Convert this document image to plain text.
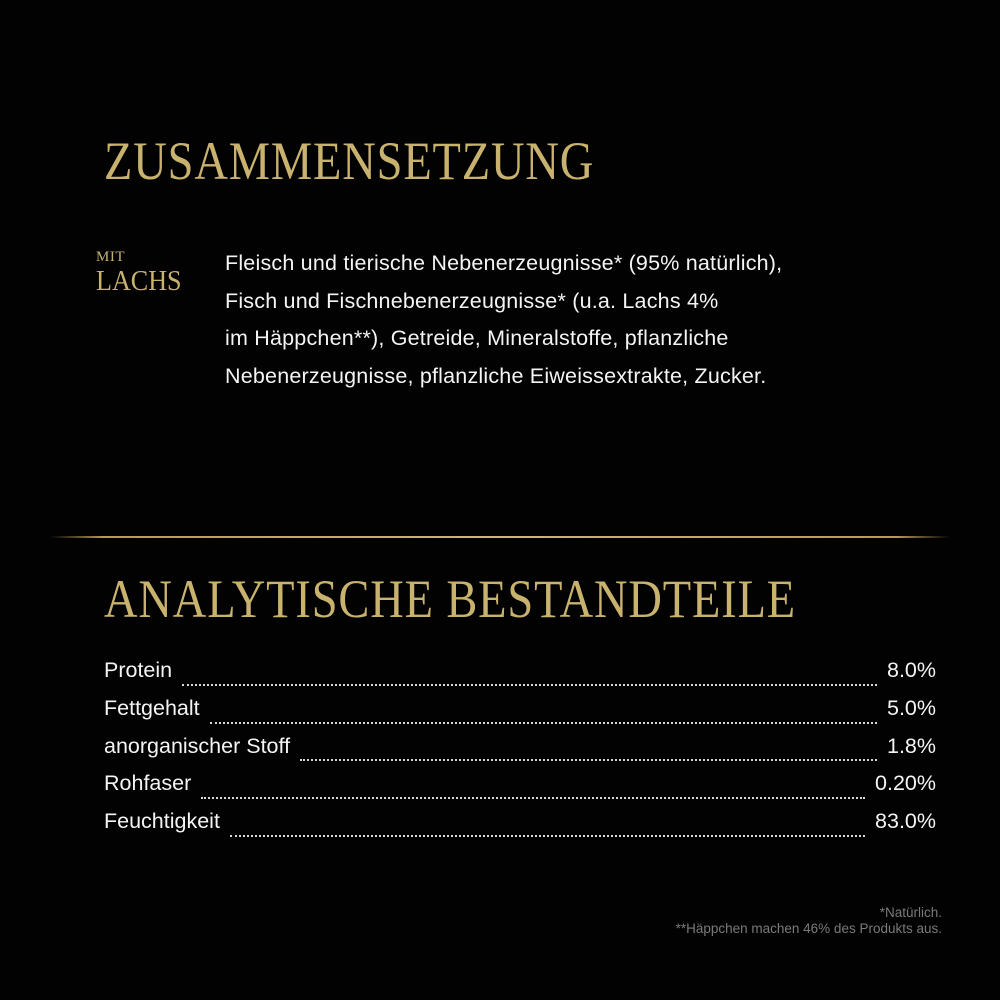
ZUSAMMENSETZUNG
MIT
LACHS
Fleisch und tierische Nebenerzeugnisse* (95% natürlich),
Fisch und Fischnebenerzeugnisse* (u.a. Lachs 4%
im Häppchen**), Getreide, Mineralstoffe, pflanzliche
Nebenerzeugnisse, pflanzliche Eiweissextrakte, Zucker.
ANALYTISCHE BESTANDTEILE
Protein	8.0%
Fettgehalt	5.0%
anorganischer Stoff	1.8%
Rohfaser	0.20%
Feuchtigkeit	83.0%
*Natürlich.
**Häppchen machen 46% des Produkts aus.
